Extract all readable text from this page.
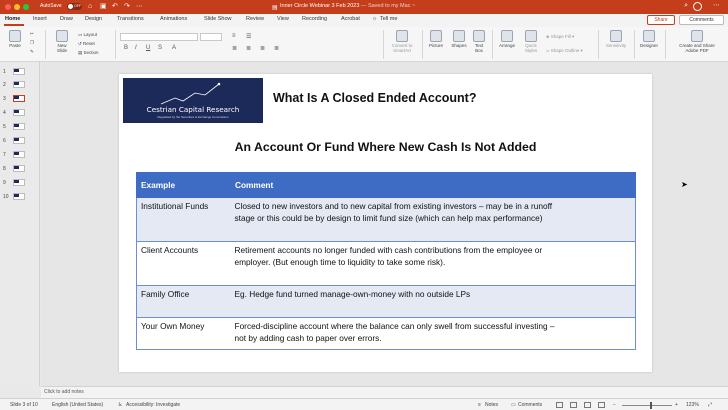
AutoSave	OFF ⌂ ▣ ↶ ↷ ⋯	▤ Inner Circle Webinar 3 Feb 2023 — Saved to my Mac ~	⌕	⋯
Home Insert Draw Design	Transitions	Animations	Slide Show	Review View Recording	Acrobat ☼ Tell me	Share	Comments
Paste
✂
❐
✎
New
Slide
▭ Layout
↺ Reset
▤ Section
B I U S A
≡ ☰
≣ ≣ ≣ ≣
Convert to
SmartArt
Picture	Shapes	Text
Box
Arrange	Quick
Styles
◈ Shape Fill ▾
▱ Shape Outline ▾
Sensitivity	Designer	Create and Share
Adobe PDF
1
2
3
4
5
6
7
8
9
10
Cestrian Capital Research
Regulated by the Securities & Exchange Commission
What Is A Closed Ended Account?
An Account Or Fund Where New Cash Is Not Added
Example	Comment
Institutional Funds	Closed to new investors and to new capital from existing investors – may be in a runoff
stage or this could be by design to limit fund size (which can help max performance)

Client Accounts	Retirement accounts no longer funded with cash contributions from the employee or
employer. (But enough time to liquidity to take some risk).

Family Office	Eg. Hedge fund turned manage-own-money with no outside LPs

Your Own Money	Forced-discipline account where the balance can only swell from successful investing –
not by adding cash to paper over errors.
➤
Click to add notes
Slide 3 of 10	English (United States)	♿ Accessibility: Investigate	≡ Notes	▭ Comments	−	+ 123% ⤢
